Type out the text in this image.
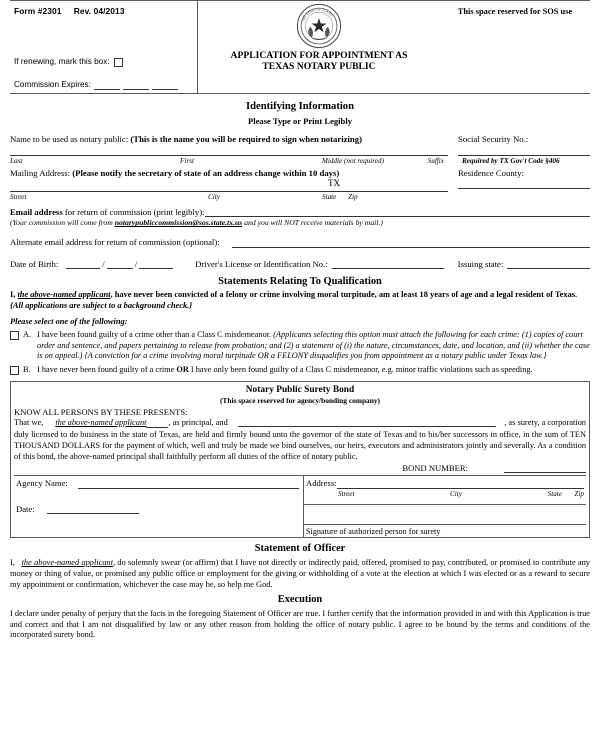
Form #2301 Rev. 04/2013
If renewing, mark this box:
Commission Expires:
THE STATE OF TEXAS
APPLICATION FOR APPOINTMENT AS
TEXAS NOTARY PUBLIC
This space reserved for SOS use
Identifying Information
Please Type or Print Legibly
Name to be used as notary public: (This is the name you will be required to sign when notarizing)
Last	First	Middle (not required)	Suffix
Social Security No.:
Required by TX Gov't Code §406
Mailing Address: (Please notify the secretary of state of an address change within 10 days)
TX
Street	City	State	Zip
Residence County:
Email address for return of commission (print legibly):
(Your commission will come from notarypubliccommission@sos.state.tx.us and you will NOT receive materials by mail.)
Alternate email address for return of commission (optional):
Date of Birth:	/	/	Driver's License or Identification No.:	Issuing state:
Statements Relating To Qualification
I, the above-named applicant, have never been convicted of a felony or crime involving moral turpitude, am at least 18 years of age and a legal resident of Texas. {All applications are subject to a background check.}
Please select one of the following:
A. I have been found guilty of a crime other than a Class C misdemeanor. (Applicants selecting this option must attach the following for each crime: (1) copies of court order and sentence, and papers pertaining to release from probation; and (2) a statement of (i) the nature, circumstances, date, and location, and (ii) whether the case is on appeal.) {A conviction for a crime involving moral turpitude OR a FELONY disqualifies you from appointment as a notary public under Texas law.}
B. I have never been found guilty of a crime OR I have only been found guilty of a Class C misdemeanor, e.g. minor traffic violations such as speeding.
Notary Public Surety Bond
(This space reserved for agency/bonding company)
KNOW ALL PERSONS BY THESE PRESENTS:
That we, the above-named applicant	, as principal, and	, as surety, a corporation
duly licensed to do business in the state of Texas, are held and firmly bound unto the governor of the state of Texas and to his/her successors in office, in the sum of TEN THOUSAND DOLLARS for the payment of which, well and truly be made we bind ourselves, our heirs, executors and administrators jointly and severally. As a condition of this bond, the above-named principal shall faithfully perform all duties of the office of notary public.
BOND NUMBER:
Agency Name:
Date:
Address:
Street	City	State	Zip
Signature of authorized person for surety
Statement of Officer
I, the above-named applicant, do solemnly swear (or affirm) that I have not directly or indirectly paid, offered, promised to pay, contributed, or promised to contribute any money or thing of value, or promised any public office or employment for the giving or withholding of a vote at the election at which I was elected or as a reward to secure my appointment or confirmation, whichever the case may be, so help me God.
Execution
I declare under penalty of perjury that the facts in the foregoing Statement of Officer are true. I further certify that the information provided in and with this Application is true and correct and that I am not disqualified by law or any other reason from holding the office of notary public. I agree to be bound by the terms and conditions of the incorporated surety bond.
